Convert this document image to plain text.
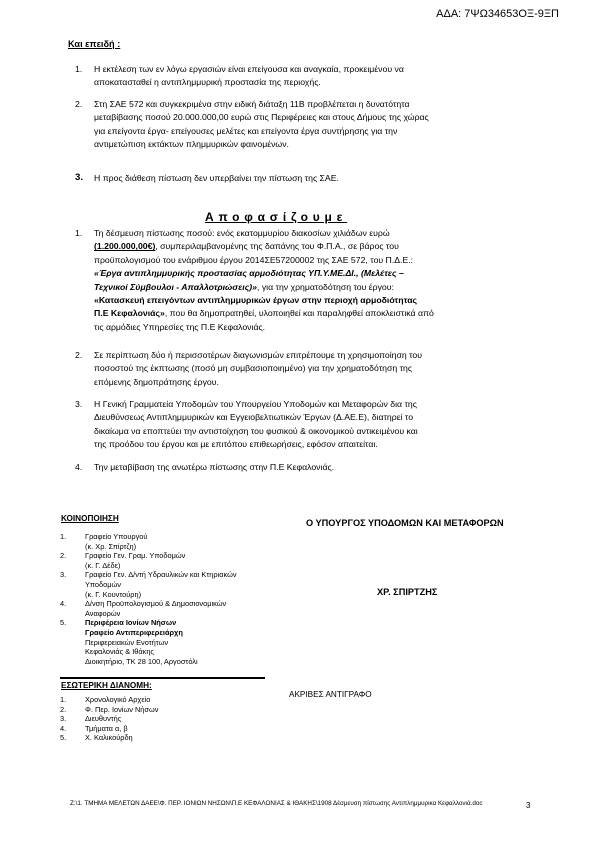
ΑΔΑ: 7ΨΩ34653ΟΞ-9ΞΠ
Και επειδή :
1. Η εκτέλεση των εν λόγω εργασιών είναι επείγουσα και αναγκαία, προκειμένου να
αποκατασταθεί η αντιπλημμυρική προστασία της περιοχής.
2. Στη ΣΑΕ 572 και συγκεκριμένα στην ειδική διάταξη 11Β προβλέπεται η δυνατότητα
μεταβίβασης ποσού 20.000.000,00 ευρώ στις Περιφέρειες και στους Δήμους της χώρας
για επείγοντα έργα- επείγουσες μελέτες και επείγοντα έργα συντήρησης για την
αντιμετώπιση εκτάκτων πλημμυρικών φαινομένων.
3. Η προς διάθεση πίστωση δεν υπερβαίνει την πίστωση της ΣΑΕ.
Αποφασίζουμε
1. Τη δέσμευση πίστωσης ποσού: ενός εκατομμυρίου διακοσίων χιλιάδων ευρώ
(1.200.000,00€), συμπεριλαμβανομένης της δαπάνης του Φ.Π.Α., σε βάρος του
προϋπολογισμού του ενάριθμου έργου 2014ΣΕ57200002 της ΣΑΕ 572, του Π.Δ.Ε.:
«Έργα αντιπλημμυρικής προστασίας αρμοδιότητας ΥΠ.Υ.ΜΕ.ΔΙ., (Μελέτες –
Τεχνικοί Σύμβουλοι - Απαλλοτριώσεις)», για την χρηματοδότηση του έργου:
«Κατασκευή επειγόντων αντιπλημμυρικών έργων στην περιοχή αρμοδιότητας
Π.Ε Κεφαλονιάς», που θα δημοπρατηθεί, υλοποιηθεί και παραληφθεί αποκλειστικά από
τις αρμόδιες Υπηρεσίες της Π.Ε Κεφαλονιάς.
2. Σε περίπτωση δύο ή περισσοτέρων διαγωνισμών επιτρέπουμε τη χρησιμοποίηση του
ποσοστού της έκπτωσης (ποσό μη συμβασιοποιημένο) για την χρηματοδότηση της
επόμενης δημοπράτησης έργου.
3. Η Γενική Γραμματεία Υποδομών του Υπουργείου Υποδομών και Μεταφορών δια της
Διευθύνσεως Αντιπλημμυρικών και Εγγειοβελτιωτικών Έργων (Δ.ΑΕ.Ε), διατηρεί το
δικαίωμα να εποπτεύει την αντιστοίχηση του φυσικού & οικονομικού αντικειμένου και
της προόδου του έργου και με επιτόπου επιθεωρήσεις, εφόσον απαιτείται.
4. Την μεταβίβαση της ανωτέρω πίστωσης στην Π.Ε Κεφαλονιάς.
ΚΟΙΝΟΠΟΙΗΣΗ
1.	Γραφείο Υπουργού
(κ. Χρ. Σπίρτζη)
2.	Γραφείο Γεν. Γραμ. Υποδομών
(κ. Γ. Δέδε)
3.	Γραφείο Γεν. Δ/ντή Υδραυλικών και Κτηριακών
Υποδομών
(κ. Γ. Κουντούρη)
4.	Δ/νση Προϋπολογισμού & Δημοσιονομικών
Αναφορών
5.	Περιφέρεια Ιονίων Νήσων
Γραφείο Αντιπεριφερειάρχη
Περιφερειακών Ενοτήτων
Κεφαλονιάς & Ιθάκης
Διοικητήριο, ΤΚ 28 100, Αργοστόλι
ΕΣΩΤΕΡΙΚΗ ΔΙΑΝΟΜΗ:
1.	Χρονολογικό Αρχείο
2.	Φ. Περ. Ιονίων Νήσων
3.	Διευθυντής
4.	Τμήματα α, β
5.	Χ. Καλικούρδη
Ο ΥΠΟΥΡΓΟΣ ΥΠΟΔΟΜΩΝ ΚΑΙ ΜΕΤΑΦΟΡΩΝ
ΧΡ. ΣΠΙΡΤΖΗΣ
ΑΚΡΙΒΕΣ ΑΝΤΙΓΡΑΦΟ
Z:\1. ΤΜΗΜΑ ΜΕΛΕΤΩΝ ΔΑΕΕ\Φ. ΠΕΡ. ΙΟΝΙΩΝ ΝΗΣΩΝ\Π.Ε ΚΕΦΑΛΟΝΙΑΣ & ΙΘΑΚΗΣ\1908 Δέσμευση πίστωσης Αντιπλημμυρικα Κεφαλλονιά.doc	3
